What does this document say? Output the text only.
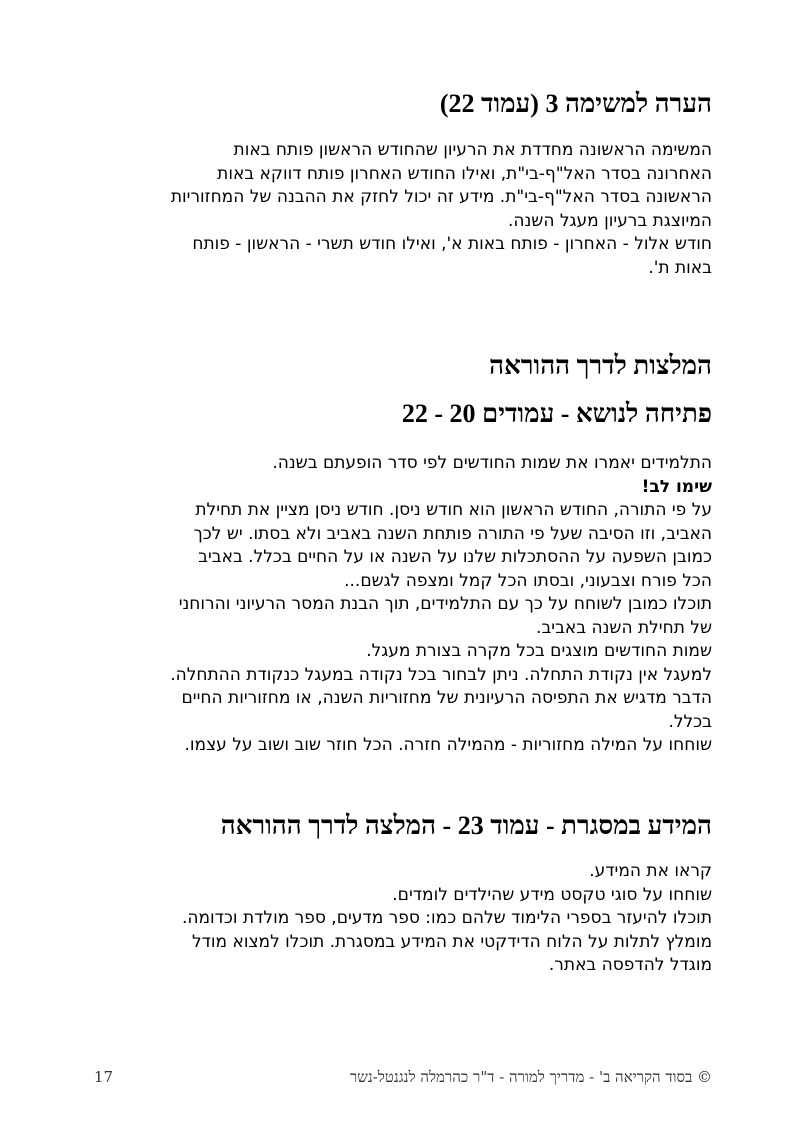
הערה למשימה 3 (עמוד 22)

המשימה הראשונה מחדדת את הרעיון שהחודש הראשון פותח באות

האחרונה בסדר האל"ף-בי"ת, ואילו החודש האחרון פותח דווקא באות

הראשונה בסדר האל"ף-בי"ת. מידע זה יכול לחזק את ההבנה של המחזוריות

המיוצגת ברעיון מעגל השנה.

חודש אלול - האחרון - פותח באות א', ואילו חודש תשרי - הראשון - פותח

באות ת'.

המלצות לדרך ההוראה
פתיחה לנושא - עמודים 20 - 22

התלמידים יאמרו את שמות החודשים לפי סדר הופעתם בשנה.

שימו לב!

על פי התורה, החודש הראשון הוא חודש ניסן. חודש ניסן מציין את תחילת

האביב, וזו הסיבה שעל פי התורה פותחת השנה באביב ולא בסתו. יש לכך

כמובן השפעה על ההסתכלות שלנו על השנה או על החיים בכלל. באביב

הכל פורח וצבעוני, ובסתו הכל קמל ומצפה לגשם...

תוכלו כמובן לשוחח על כך עם התלמידים, תוך הבנת המסר הרעיוני והרוחני

של תחילת השנה באביב.

שמות החודשים מוצגים בכל מקרה בצורת מעגל.

למעגל אין נקודת התחלה. ניתן לבחור בכל נקודה במעגל כנקודת ההתחלה.

הדבר מדגיש את התפיסה הרעיונית של מחזוריות השנה, או מחזוריות החיים

בכלל.

שוחחו על המילה מחזוריות - מהמילה חזרה. הכל חוזר שוב ושוב על עצמו.

המידע במסגרת - עמוד 23 - המלצה לדרך ההוראה

קראו את המידע.

שוחחו על סוגי טקסט מידע שהילדים לומדים.

תוכלו להיעזר בספרי הלימוד שלהם כמו: ספר מדעים, ספר מולדת וכדומה.

מומלץ לתלות על הלוח הדידקטי את המידע במסגרת. תוכלו למצוא מודל

מוגדל להדפסה באתר.

17	© בסוד הקריאה ב' - מדריך למורה - ד"ר כהרמלה לנגנטל-נשר
